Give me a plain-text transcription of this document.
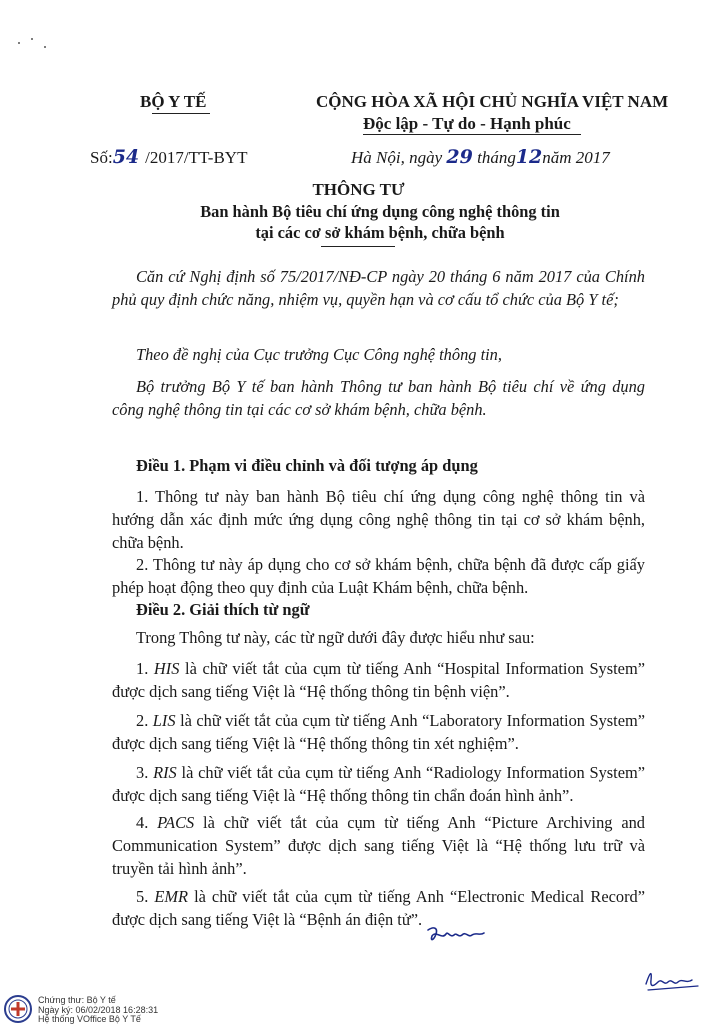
BỘ Y TẾ	CỘNG HÒA XÃ HỘI CHỦ NGHĨA VIỆT NAM
Độc lập - Tự do - Hạnh phúc
Số:54 /2017/TT-BYT	Hà Nội, ngày 29 tháng12năm 2017
THÔNG TƯ
Ban hành Bộ tiêu chí ứng dụng công nghệ thông tin
tại các cơ sở khám bệnh, chữa bệnh
Căn cứ Nghị định số 75/2017/NĐ-CP ngày 20 tháng 6 năm 2017 của Chính phủ quy định chức năng, nhiệm vụ, quyền hạn và cơ cấu tổ chức của Bộ Y tế;
Theo đề nghị của Cục trưởng Cục Công nghệ thông tin,
Bộ trưởng Bộ Y tế ban hành Thông tư ban hành Bộ tiêu chí về ứng dụng công nghệ thông tin tại các cơ sở khám bệnh, chữa bệnh.
Điều 1. Phạm vi điều chỉnh và đối tượng áp dụng
1. Thông tư này ban hành Bộ tiêu chí ứng dụng công nghệ thông tin và hướng dẫn xác định mức ứng dụng công nghệ thông tin tại cơ sở khám bệnh, chữa bệnh.
2. Thông tư này áp dụng cho cơ sở khám bệnh, chữa bệnh đã được cấp giấy phép hoạt động theo quy định của Luật Khám bệnh, chữa bệnh.
Điều 2. Giải thích từ ngữ
Trong Thông tư này, các từ ngữ dưới đây được hiểu như sau:
1. HIS là chữ viết tắt của cụm từ tiếng Anh “Hospital Information System” được dịch sang tiếng Việt là “Hệ thống thông tin bệnh viện”.
2. LIS là chữ viết tắt của cụm từ tiếng Anh “Laboratory Information System” được dịch sang tiếng Việt là “Hệ thống thông tin xét nghiệm”.
3. RIS là chữ viết tắt của cụm từ tiếng Anh “Radiology Information System” được dịch sang tiếng Việt là “Hệ thống thông tin chẩn đoán hình ảnh”.
4. PACS là chữ viết tắt của cụm từ tiếng Anh “Picture Archiving and Communication System” được dịch sang tiếng Việt là “Hệ thống lưu trữ và truyền tải hình ảnh”.
5. EMR là chữ viết tắt của cụm từ tiếng Anh “Electronic Medical Record” được dịch sang tiếng Việt là “Bệnh án điện tử”.
Chứng thư: Bộ Y tế
Ngày ký: 06/02/2018 16:28:31
Hệ thống VOffice Bộ Y Tế
